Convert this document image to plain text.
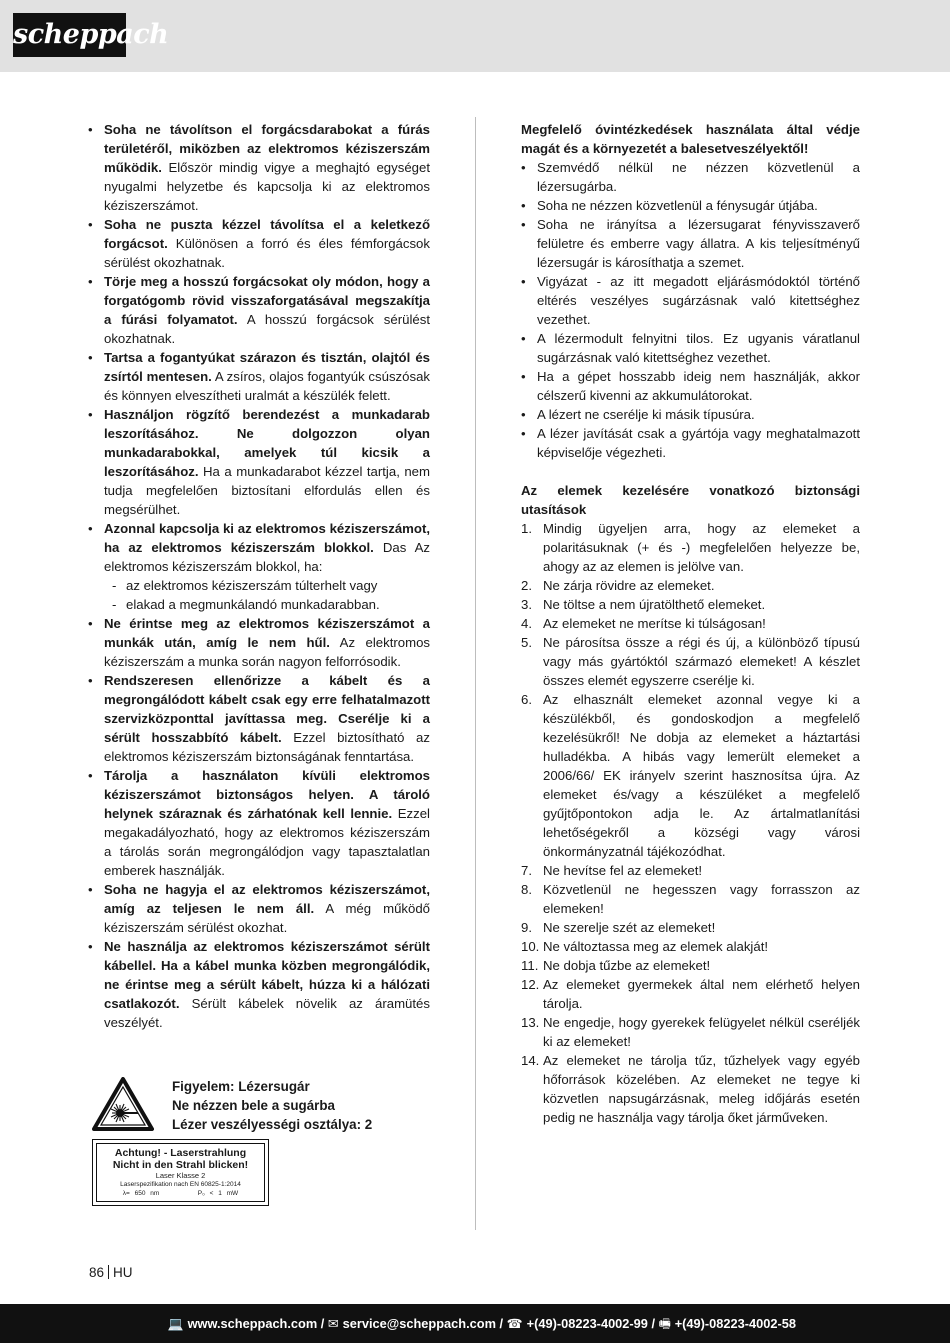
scheppach
• Soha ne távolítson el forgácsdarabokat a fúrás területéről, miközben az elektromos kéziszerszám működik. Először mindig vigye a meghajtó egységet nyugalmi helyzetbe és kapcsolja ki az elektromos kéziszerszámot.
• Soha ne puszta kézzel távolítsa el a keletkező forgácsot. Különösen a forró és éles fémforgácsok sérülést okozhatnak.
• Törje meg a hosszú forgácsokat oly módon, hogy a forgatógomb rövid visszaforgatásával megszakítja a fúrási folyamatot. A hosszú forgácsok sérülést okozhatnak.
• Tartsa a fogantyúkat szárazon és tisztán, olajtól és zsírtól mentesen. A zsíros, olajos fogantyúk csúszósak és könnyen elveszítheti uralmát a készülék felett.
• Használjon rögzítő berendezést a munkadarab leszorításához. Ne dolgozzon olyan munkadarabokkal, amelyek túl kicsik a leszorításához. Ha a munkadarabot kézzel tartja, nem tudja megfelelően biztosítani elfordulás ellen és megsérülhet.
• Azonnal kapcsolja ki az elektromos kéziszerszámot, ha az elektromos kéziszerszám blokkol. Das Az elektromos kéziszerszám blokkol, ha:
- az elektromos kéziszerszám túlterhelt vagy
- elakad a megmunkálandó munkadarabban.
• Ne érintse meg az elektromos kéziszerszámot a munkák után, amíg le nem hűl. Az elektromos kéziszerszám a munka során nagyon felforrósodik.
• Rendszeresen ellenőrizze a kábelt és a megrongálódott kábelt csak egy erre felhatalmazott szervizközponttal javíttassa meg. Cserélje ki a sérült hosszabbító kábelt. Ezzel biztosítható az elektromos kéziszerszám biztonságának fenntartása.
• Tárolja a használaton kívüli elektromos kéziszerszámot biztonságos helyen. A tároló helynek száraznak és zárhatónak kell lennie. Ezzel megakadályozható, hogy az elektromos kéziszerszám a tárolás során megrongálódjon vagy tapasztalatlan emberek használják.
• Soha ne hagyja el az elektromos kéziszerszámot, amíg az teljesen le nem áll. A még működő kéziszerszám sérülést okozhat.
• Ne használja az elektromos kéziszerszámot sérült kábellel. Ha a kábel munka közben megrongálódik, ne érintse meg a sérült kábelt, húzza ki a hálózati csatlakozót. Sérült kábelek növelik az áramütés veszélyét.
Figyelem: Lézersugár
Ne nézzen bele a sugárba
Lézer veszélyességi osztálya: 2
Achtung! - Laserstrahlung
Nicht in den Strahl blicken!
Laser Klasse 2
Laserspezifikation nach EN 60825-1:2014
λ= 650 nm	P₀ < 1 mW
Megfelelő óvintézkedések használata által védje magát és a környezetét a balesetveszélyektől!
• Szemvédő nélkül ne nézzen közvetlenül a lézersugárba.
• Soha ne nézzen közvetlenül a fénysugár útjába.
• Soha ne irányítsa a lézersugarat fényvisszaverő felületre és emberre vagy állatra. A kis teljesítményű lézersugár is károsíthatja a szemet.
• Vigyázat - az itt megadott eljárásmódoktól történő eltérés veszélyes sugárzásnak való kitettséghez vezethet.
• A lézermodult felnyitni tilos. Ez ugyanis váratlanul sugárzásnak való kitettséghez vezethet.
• Ha a gépet hosszabb ideig nem használják, akkor célszerű kivenni az akkumulátorokat.
• A lézert ne cserélje ki másik típusúra.
• A lézer javítását csak a gyártója vagy meghatalmazott képviselője végezheti.
Az elemek kezelésére vonatkozó biztonsági utasítások
1. Mindig ügyeljen arra, hogy az elemeket a polaritásuknak (+ és -) megfelelően helyezze be, ahogy az az elemen is jelölve van.
2. Ne zárja rövidre az elemeket.
3. Ne töltse a nem újratölthető elemeket.
4. Az elemeket ne merítse ki túlságosan!
5. Ne párosítsa össze a régi és új, a különböző típusú vagy más gyártóktól származó elemeket! A készlet összes elemét egyszerre cserélje ki.
6. Az elhasznált elemeket azonnal vegye ki a készülékből, és gondoskodjon a megfelelő kezelésükről! Ne dobja az elemeket a háztartási hulladékba. A hibás vagy lemerült elemeket a 2006/66/ EK irányelv szerint hasznosítsa újra. Az elemeket és/vagy a készüléket a megfelelő gyűjtőpontokon adja le. Az ártalmatlanítási lehetőségekről a községi vagy városi önkormányzatnál tájékozódhat.
7. Ne hevítse fel az elemeket!
8. Közvetlenül ne hegesszen vagy forrasszon az elemeken!
9. Ne szerelje szét az elemeket!
10. Ne változtassa meg az elemek alakját!
11. Ne dobja tűzbe az elemeket!
12. Az elemeket gyermekek által nem elérhető helyen tárolja.
13. Ne engedje, hogy gyerekek felügyelet nélkül cseréljék ki az elemeket!
14. Az elemeket ne tárolja tűz, tűzhelyek vagy egyéb hőforrások közelében. Az elemeket ne tegye ki közvetlen napsugárzásnak, meleg időjárás esetén pedig ne használja vagy tárolja őket járműveken.
86 HU
💻 www.scheppach.com / ✉ service@scheppach.com / ☎ +(49)-08223-4002-99 / 🖷 +(49)-08223-4002-58
